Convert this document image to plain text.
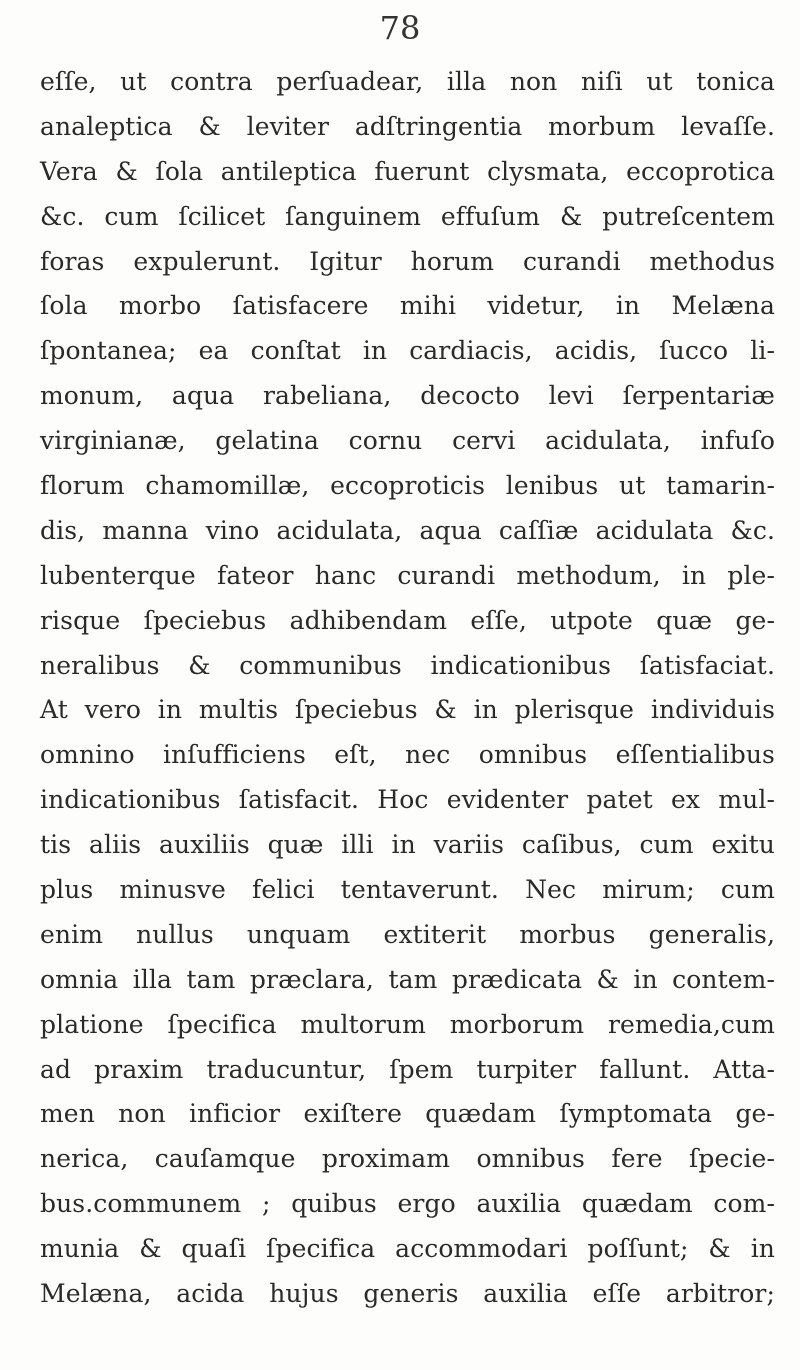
78
eſſe, ut contra perſuadear, illa non niſi ut tonica
analeptica & leviter adſtringentia morbum levaſſe.
Vera & ſola antileptica fuerunt clysmata, eccoprotica
&c. cum ſcilicet ſanguinem effuſum & putreſcentem
foras expulerunt. Igitur horum curandi methodus
ſola morbo ſatisfacere mihi videtur, in Melæna
ſpontanea; ea conſtat in cardiacis, acidis, ſucco li-
monum, aqua rabeliana, decocto levi ſerpentariæ
virginianæ, gelatina cornu cervi acidulata, infuſo
florum chamomillæ, eccoproticis lenibus ut tamarin-
dis, manna vino acidulata, aqua caſſiæ acidulata &c.
lubenterque fateor hanc curandi methodum, in ple-
risque ſpeciebus adhibendam eſſe, utpote quæ ge-
neralibus & communibus indicationibus ſatisfaciat.
At vero in multis ſpeciebus & in plerisque individuis
omnino inſufficiens eſt, nec omnibus eſſentialibus
indicationibus ſatisfacit. Hoc evidenter patet ex mul-
tis aliis auxiliis quæ illi in variis caſibus, cum exitu
plus minusve felici tentaverunt. Nec mirum; cum
enim nullus unquam extiterit morbus generalis,
omnia illa tam præclara, tam prædicata & in contem-
platione ſpecifica multorum morborum remedia,cum
ad praxim traducuntur, ſpem turpiter fallunt. Atta-
men non inficior exiſtere quædam ſymptomata ge-
nerica, cauſamque proximam omnibus fere ſpecie-
bus.communem ; quibus ergo auxilia quædam com-
munia & quaſi ſpecifica accommodari poſſunt; & in
Melæna, acida hujus generis auxilia eſſe arbitror;
